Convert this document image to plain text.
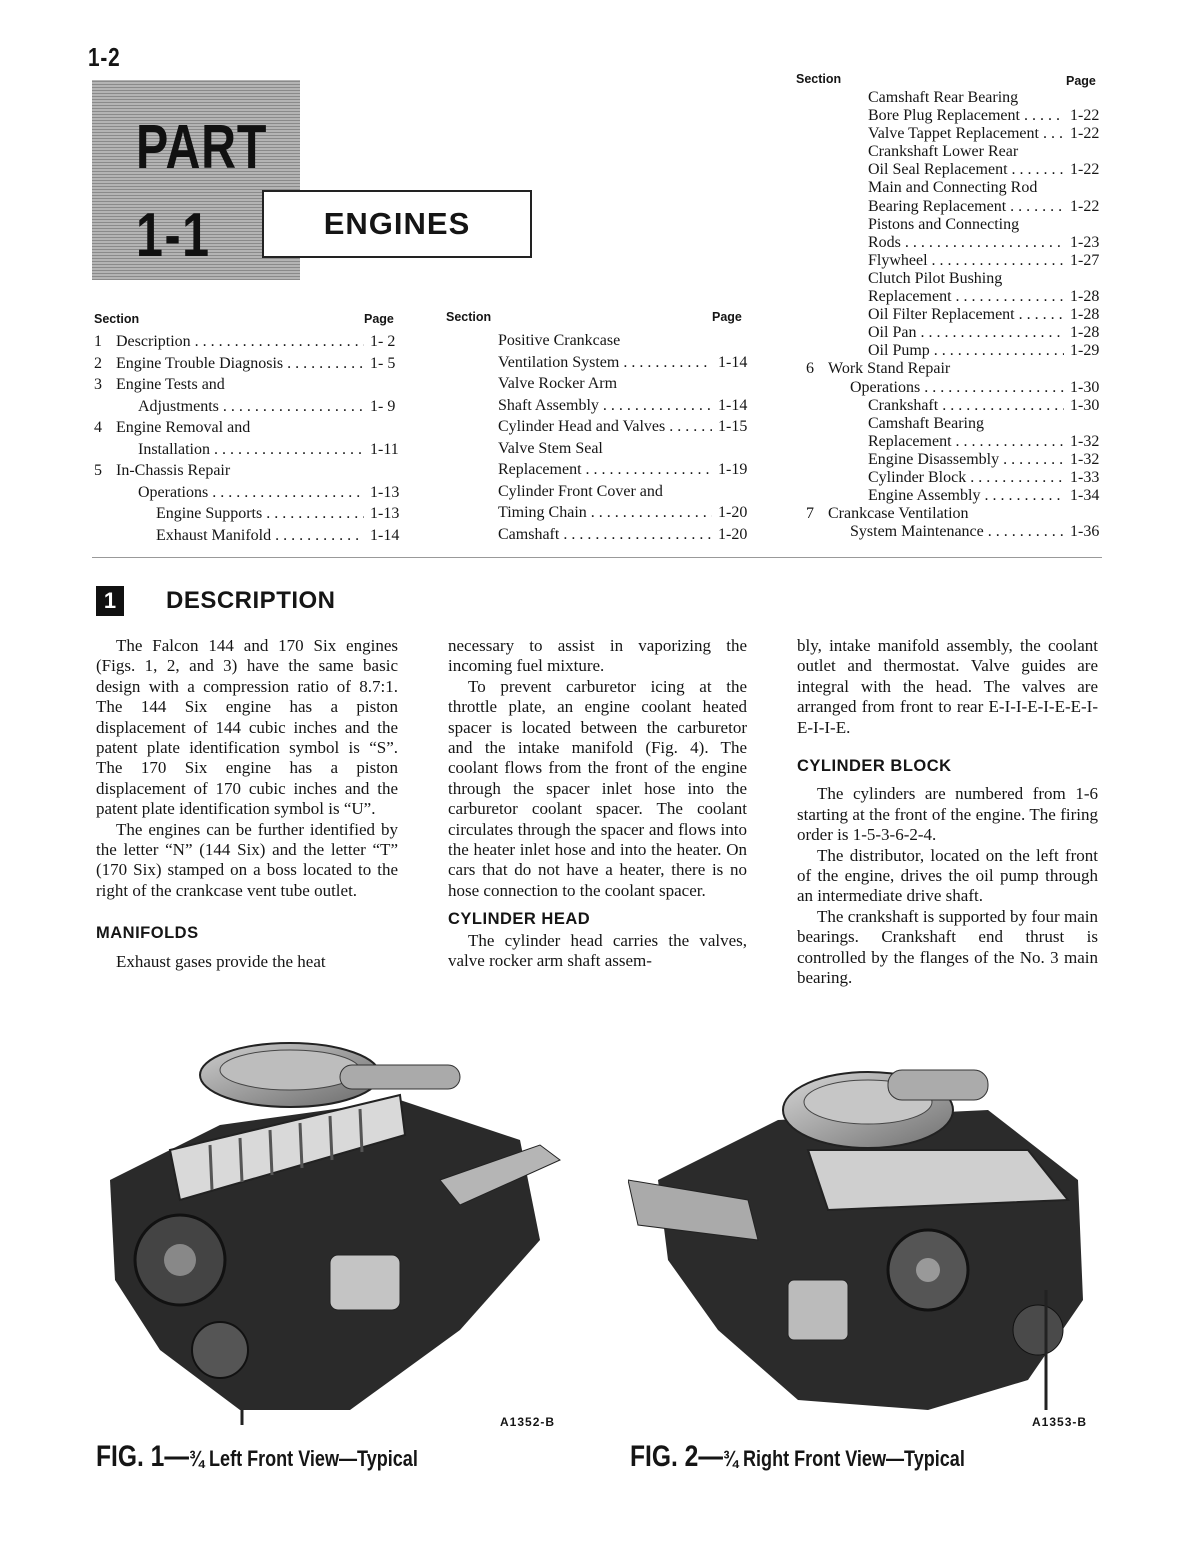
1-2
PART
1-1	ENGINES
Section	Page
1 Description . . .	1- 2
2 Engine Trouble Diagnosis . . .	1- 5
3 Engine Tests and
Adjustments . . .	1- 9
4 Engine Removal and
Installation . . .	1-11
5 In-Chassis Repair
Operations . . .	1-13
Engine Supports . . .	1-13
Exhaust Manifold . . .	1-14
Section	Page
Positive Crankcase
Ventilation System . . .	1-14
Valve Rocker Arm
Shaft Assembly . . .	1-14
Cylinder Head and Valves . . .	1-15
Valve Stem Seal
Replacement . . .	1-19
Cylinder Front Cover and
Timing Chain . . .	1-20
Camshaft . . .	1-20
Section	Page
Camshaft Rear Bearing
Bore Plug Replacement . . . . .	1-22
Valve Tappet Replacement . . .	1-22
Crankshaft Lower Rear
Oil Seal Replacement . . .	1-22
Main and Connecting Rod
Bearing Replacement . . .	1-22
Pistons and Connecting
Rods . . .	1-23
Flywheel . . .	1-27
Clutch Pilot Bushing
Replacement . . .	1-28
Oil Filter Replacement . . .	1-28
Oil Pan . . .	1-28
Oil Pump . . .	1-29
6 Work Stand Repair
Operations . . .	1-30
Crankshaft . . .	1-30
Camshaft Bearing
Replacement . . .	1-32
Engine Disassembly . . .	1-32
Cylinder Block . . .	1-33
Engine Assembly . . .	1-34
7 Crankcase Ventilation
System Maintenance . . .	1-36
1	DESCRIPTION

The Falcon 144 and 170 Six engines (Figs. 1, 2, and 3) have the same basic design with a compression ratio of 8.7:1. The 144 Six engine has a piston displacement of 144 cubic inches and the patent plate identification symbol is “S”. The 170 Six engine has a piston displacement of 170 cubic inches and the patent plate identification symbol is “U”.

The engines can be further identified by the letter “N” (144 Six) and the letter “T” (170 Six) stamped on a boss located to the right of the crankcase vent tube outlet.

MANIFOLDS

Exhaust gases provide the heat

necessary to assist in vaporizing the incoming fuel mixture.

To prevent carburetor icing at the throttle plate, an engine coolant heated spacer is located between the carburetor and the intake manifold (Fig. 4). The coolant flows from the front of the engine through the spacer inlet hose into the carburetor coolant spacer. The coolant circulates through the spacer and flows into the heater inlet hose and into the heater. On cars that do not have a heater, there is no hose connection to the coolant spacer.

CYLINDER HEAD

The cylinder head carries the valves, valve rocker arm shaft assem-

bly, intake manifold assembly, the coolant outlet and thermostat. Valve guides are integral with the head. The valves are arranged from front to rear E-I-I-E-I-E-E-I-E-I-I-E.

CYLINDER BLOCK

The cylinders are numbered from 1-6 starting at the front of the engine. The firing order is 1-5-3-6-2-4.

The distributor, located on the left front of the engine, drives the oil pump through an intermediate drive shaft.

The crankshaft is supported by four main bearings. Crankshaft end thrust is controlled by the flanges of the No. 3 main bearing.

A1352-B
FIG. 1—¾ Left Front View—Typical
A1353-B
FIG. 2—¾ Right Front View—Typical
